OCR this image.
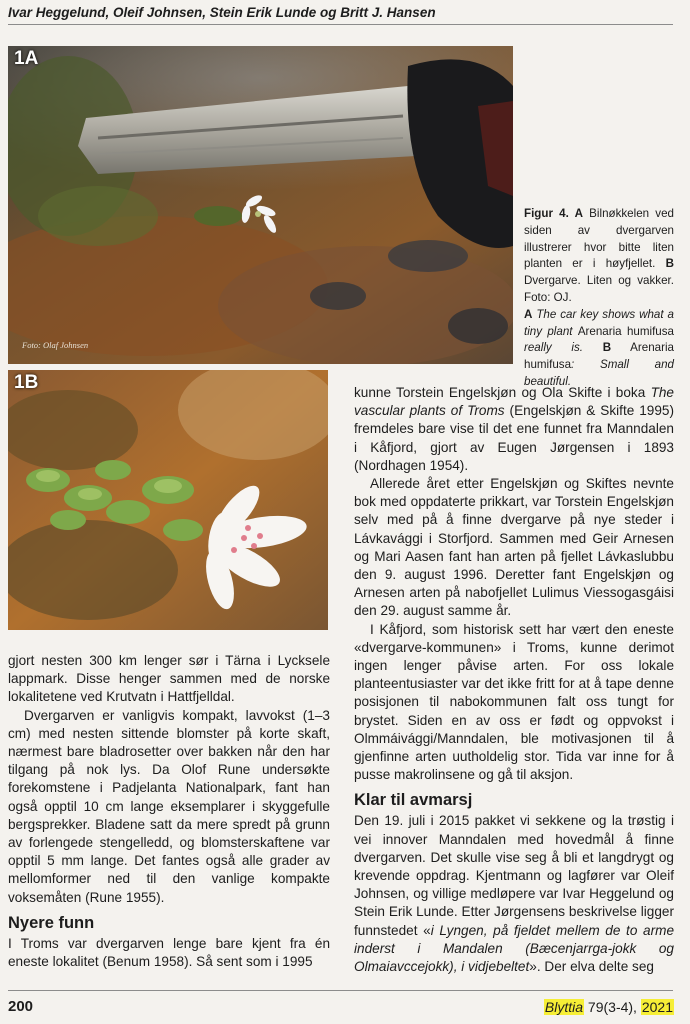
Ivar Heggelund, Oleif Johnsen, Stein Erik Lunde og Britt J. Hansen
1A
Foto: Olaf Johnsen
1B

Figur 4. A Bilnøkkelen ved siden av dvergarven illustrerer hvor bitte liten planten er i høyfjellet. B Dvergarve. Liten og vakker. Foto: OJ.

A The car key shows what a tiny plant Arenaria humifusa really is. B Arenaria humifusa: Small and beautiful.

gjort nesten 300 km lenger sør i Tärna i Lycksele lappmark. Disse henger sammen med de norske lokalitetene ved Krutvatn i Hattfjelldal.

Dvergarven er vanligvis kompakt, lavvokst (1–3 cm) med nesten sittende blomster på korte skaft, nærmest bare bladrosetter over bakken når den har tilgang på nok lys. Da Olof Rune undersøkte forekomstene i Padjelanta Nationalpark, fant han også opptil 10 cm lange eksemplarer i skyggefulle bergsprekker. Bladene satt da mere spredt på grunn av forlengede stengelledd, og blomsterskaftene var opptil 5 mm lange. Det fantes også alle grader av mellomformer ned til den vanlige kompakte voksemåten (Rune 1955).

Nyere funn

I Troms var dvergarven lenge bare kjent fra én eneste lokalitet (Benum 1958). Så sent som i 1995

kunne Torstein Engelskjøn og Ola Skifte i boka The vascular plants of Troms (Engelskjøn & Skifte 1995) fremdeles bare vise til det ene funnet fra Manndalen i Kåfjord, gjort av Eugen Jørgensen i 1893 (Nordhagen 1954).

Allerede året etter Engelskjøn og Skiftes nevnte bok med oppdaterte prikkart, var Torstein Engelskjøn selv med på å finne dvergarve på nye steder i Lávkavággi i Storfjord. Sammen med Geir Arnesen og Mari Aasen fant han arten på fjellet Lávkaslubbu den 9. august 1996. Deretter fant Engelskjøn og Arnesen arten på nabofjellet Lulimus Viessogasgáisi den 29. august samme år.

I Kåfjord, som historisk sett har vært den eneste «dvergarve-kommunen» i Troms, kunne derimot ingen lenger påvise arten. For oss lokale planteentusiaster var det ikke fritt for at å tape denne posisjonen til nabokommunen falt oss tungt for brystet. Siden en av oss er født og oppvokst i Olmmáivággi/Manndalen, ble motivasjonen til å gjenfinne arten uutholdelig stor. Tida var inne for å pusse makrolinsene og gå til aksjon.

Klar til avmarsj

Den 19. juli i 2015 pakket vi sekkene og la trøstig i vei innover Manndalen med hovedmål å finne dvergarven. Det skulle vise seg å bli et langdrygt og krevende oppdrag. Kjentmann og lagfører var Oleif Johnsen, og villige medløpere var Ivar Heggelund og Stein Erik Lunde. Etter Jørgensens beskrivelse ligger funnstedet «i Lyngen, på fjeldet mellem de to arme inderst i Mandalen (Bæcenjarrga-jokk og Olmaiavccejokk), i vidjebeltet». Der elva delte seg

200	Blyttia 79(3-4), 2021
